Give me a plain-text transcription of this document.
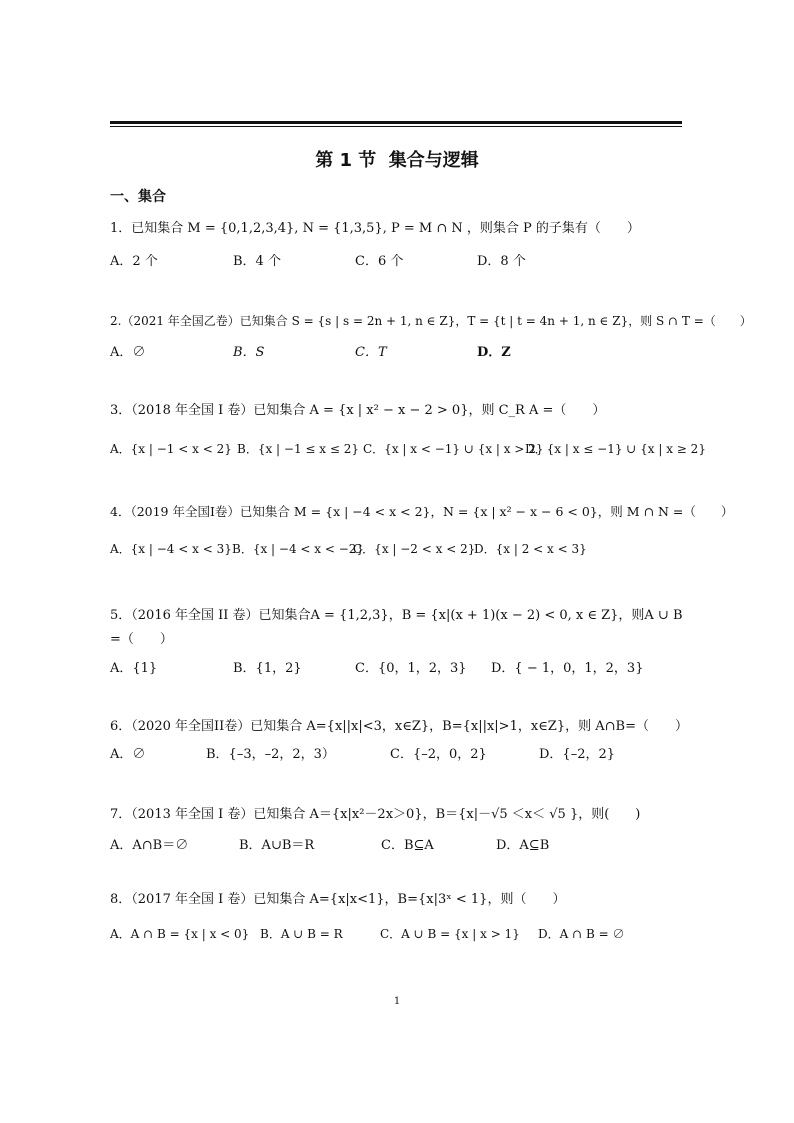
第 1 节  集合与逻辑
一、集合
1．已知集合 M = {0,1,2,3,4}, N = {1,3,5}, P = M ∩ N ，则集合 P 的子集有（　　）
A．2 个	B．4 个	C．6 个	D．8 个
2.（2021 年全国乙卷）已知集合 S = {s | s = 2n + 1, n ∈ Z}，T = {t | t = 4n + 1, n ∈ Z}，则 S ∩ T =（　　）
A．∅	B．S	C．T	D．Z
3．（2018 年全国 I 卷）已知集合 A = {x | x² − x − 2 > 0}，则 C_R A =（　　）
A．{x | −1 < x < 2} B．{x | −1 ≤ x ≤ 2} C．{x | x < −1} ∪ {x | x > 2}
D．{x | x ≤ −1} ∪ {x | x ≥ 2}
4．（2019 年全国I卷）已知集合 M = {x | −4 < x < 2}，N = {x | x² − x − 6 < 0}，则 M ∩ N =（　　）
A．{x | −4 < x < 3} B．{x | −4 < x < −2}
C．{x | −2 < x < 2}
D．{x | 2 < x < 3}
5．（2016 年全国 II 卷）已知集合A = {1,2,3}，B = {x|(x + 1)(x − 2) < 0, x ∈ Z}，则A ∪ B =（　　）
A．{1}	B．{1，2}	C．{0，1，2，3} D．{ − 1，0，1，2，3}
6．（2020 年全国II卷）已知集合 A={x||x|<3，x∈Z}，B={x||x|>1，x∈Z}，则 A∩B=（　　）
A．∅	B．{–3，–2，2，3）	C．{–2，0，2}	D．{–2，2}
7．（2013 年全国 I 卷）已知集合 A＝{x|x²－2x＞0}，B＝{x|－√5 ＜x＜ √5 }，则(　　)
A．A∩B＝∅	B．A∪B＝R	C．B⊆A	D．A⊆B
8．（2017 年全国 I 卷）已知集合 A={x|x<1}，B={x|3ˣ < 1}，则（　　）
A．A ∩ B = {x | x < 0} B．A ∪ B = R	C．A ∪ B = {x | x > 1} D．A ∩ B = ∅
1
